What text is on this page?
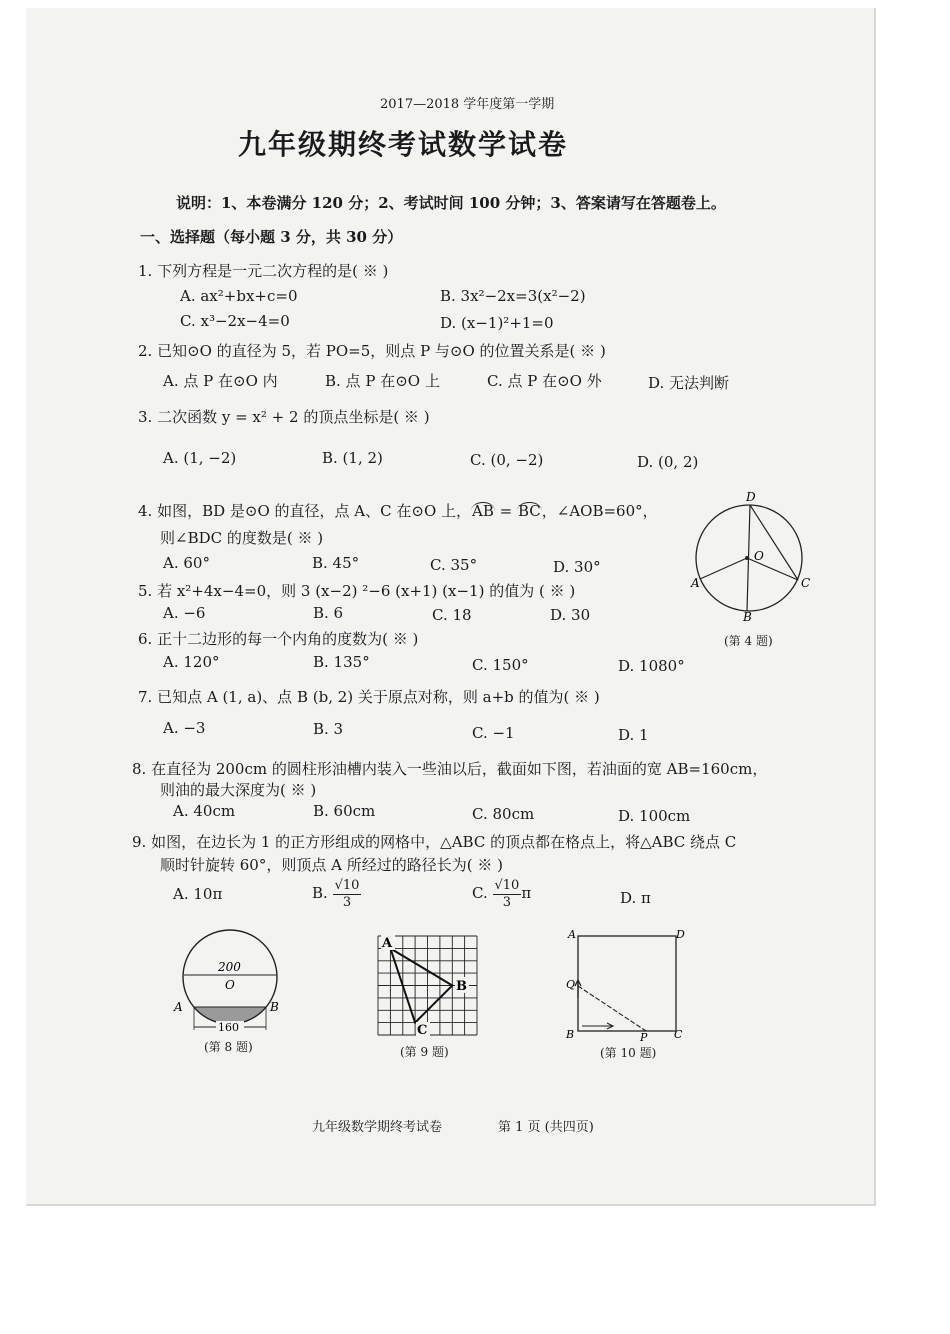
2017—2018 学年度第一学期
九年级期终考试数学试卷
说明：1、本卷满分 120 分；2、考试时间 100 分钟；3、答案请写在答题卷上。
一、选择题（每小题 3 分，共 30 分）
1. 下列方程是一元二次方程的是( ※ )
A. ax²+bx+c=0	B. 3x²−2x=3(x²−2)
C. x³−2x−4=0	D. (x−1)²+1=0
2. 已知⊙O 的直径为 5，若 PO=5，则点 P 与⊙O 的位置关系是( ※ )
A. 点 P 在⊙O 内	B. 点 P 在⊙O 上	C. 点 P 在⊙O 外	D. 无法判断
3. 二次函数 y = x² + 2 的顶点坐标是( ※ )
A. (1, −2)	B. (1, 2)	C. (0, −2)	D. (0, 2)
4. 如图，BD 是⊙O 的直径，点 A、C 在⊙O 上，AB = BC，∠AOB=60°，
则∠BDC 的度数是( ※ )
A. 60°	B. 45°	C. 35°	D. 30°
5. 若 x²+4x−4=0，则 3 (x−2) ²−6 (x+1) (x−1) 的值为 ( ※ )
A. −6	B. 6	C. 18	D. 30
6. 正十二边形的每一个内角的度数为( ※ )
A. 120°	B. 135°	C. 150°	D. 1080°
7. 已知点 A (1, a)、点 B (b, 2) 关于原点对称，则 a+b 的值为( ※ )
A. −3	B. 3	C. −1	D. 1
8. 在直径为 200cm 的圆柱形油槽内装入一些油以后，截面如下图，若油面的宽 AB=160cm，
则油的最大深度为( ※ )
A. 40cm	B. 60cm	C. 80cm	D. 100cm
9. 如图，在边长为 1 的正方形组成的网格中，△ABC 的顶点都在格点上，将△ABC 绕点 C
顺时针旋转 60°，则顶点 A 所经过的路径长为( ※ )
A. 10π	B. $\frac{√10}{3}$	C. $\frac{√10}{3}$ π	D. π
D
O
A	C
B
(第 4 题)
200
O
A	B
160
(第 8 题)
A
B
C
(第 9 题)
A	D
Q
B	P C
(第 10 题)
九年级数学期终考试卷	第 1 页 (共四页)
